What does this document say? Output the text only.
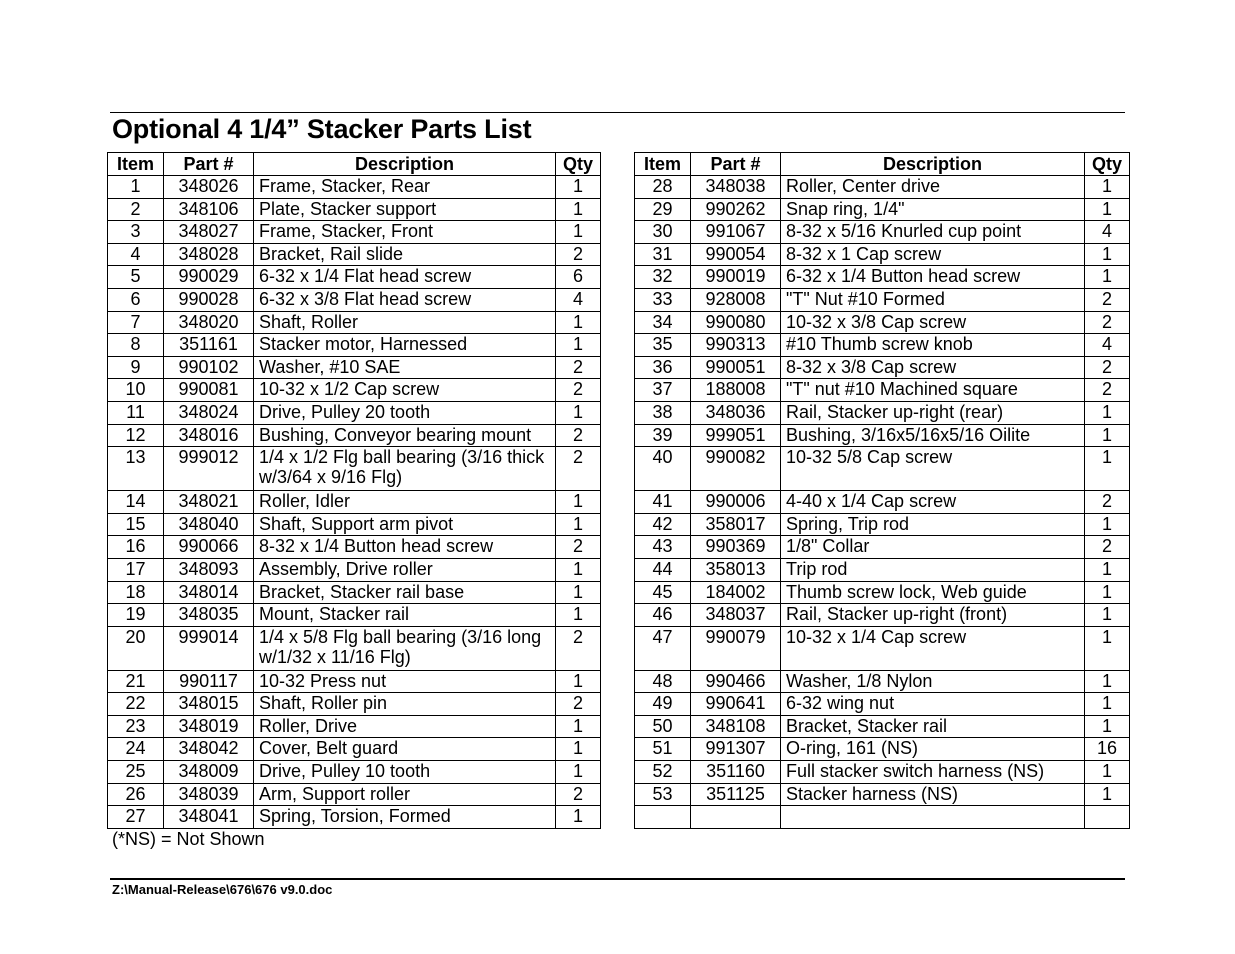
Optional 4 1/4” Stacker Parts List
Item	Part #	Description	Qty
1	348026	Frame, Stacker, Rear	1
2	348106	Plate, Stacker support	1
3	348027	Frame, Stacker, Front	1
4	348028	Bracket, Rail slide	2
5	990029	6-32 x 1/4 Flat head screw	6
6	990028	6-32 x 3/8 Flat head screw	4
7	348020	Shaft, Roller	1
8	351161	Stacker motor, Harnessed	1
9	990102	Washer, #10 SAE	2
10	990081	10-32 x 1/2 Cap screw	2
11	348024	Drive, Pulley 20 tooth	1
12	348016	Bushing, Conveyor bearing mount	2
13	999012	1/4 x 1/2 Flg ball bearing (3/16 thick w/3/64 x 9/16 Flg)	2
14	348021	Roller, Idler	1
15	348040	Shaft, Support arm pivot	1
16	990066	8-32 x 1/4 Button head screw	2
17	348093	Assembly, Drive roller	1
18	348014	Bracket, Stacker rail base	1
19	348035	Mount, Stacker rail	1
20	999014	1/4 x 5/8 Flg ball bearing (3/16 long w/1/32 x 11/16 Flg)	2
21	990117	10-32 Press nut	1
22	348015	Shaft, Roller pin	2
23	348019	Roller, Drive	1
24	348042	Cover, Belt guard	1
25	348009	Drive, Pulley 10 tooth	1
26	348039	Arm, Support roller	2
27	348041	Spring, Torsion, Formed	1
Item	Part #	Description	Qty
28	348038	Roller, Center drive	1
29	990262	Snap ring, 1/4"	1
30	991067	8-32 x 5/16 Knurled cup point	4
31	990054	8-32 x 1 Cap screw	1
32	990019	6-32 x 1/4 Button head screw	1
33	928008	"T" Nut #10 Formed	2
34	990080	10-32 x 3/8 Cap screw	2
35	990313	#10 Thumb screw knob	4
36	990051	8-32 x 3/8 Cap screw	2
37	188008	"T" nut #10 Machined square	2
38	348036	Rail, Stacker up-right (rear)	1
39	999051	Bushing, 3/16x5/16x5/16 Oilite	1
40	990082	10-32 5/8 Cap screw	1
41	990006	4-40 x 1/4 Cap screw	2
42	358017	Spring, Trip rod	1
43	990369	1/8" Collar	2
44	358013	Trip rod	1
45	184002	Thumb screw lock, Web guide	1
46	348037	Rail, Stacker up-right (front)	1
47	990079	10-32 x 1/4 Cap screw	1
48	990466	Washer, 1/8 Nylon	1
49	990641	6-32 wing nut	1
50	348108	Bracket, Stacker rail	1
51	991307	O-ring, 161 (NS)	16
52	351160	Full stacker switch harness (NS)	1
53	351125	Stacker harness (NS)	1

(*NS) = Not Shown
Z:\Manual-Release\676\676 v9.0.doc
